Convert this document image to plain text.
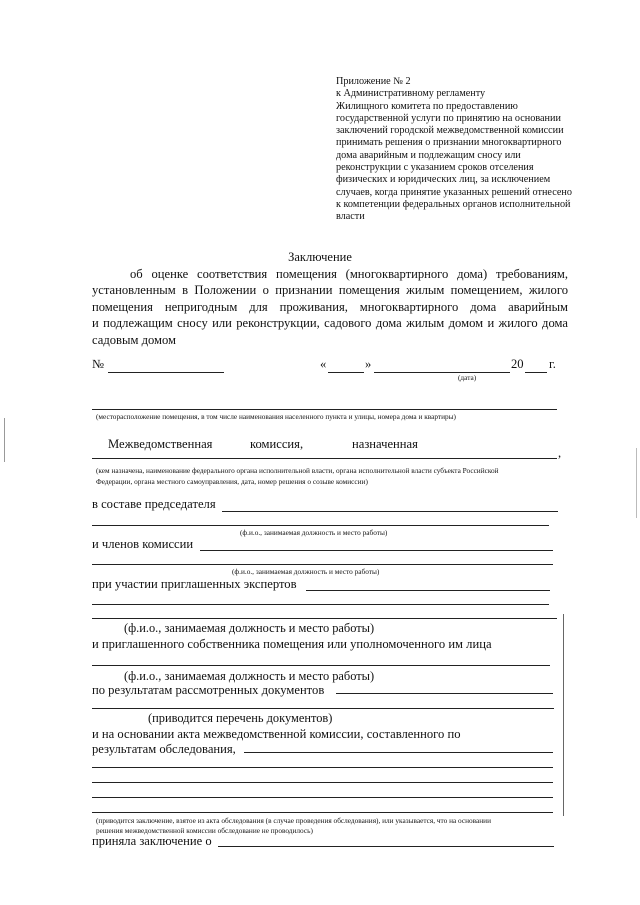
Приложение № 2
к Административному регламенту
Жилищного комитета по предоставлению
государственной услуги по принятию на основании
заключений городской межведомственной комиссии
принимать решения о признании многоквартирного
дома аварийным и подлежащим сносу или
реконструкции с указанием сроков отселения
физических и юридических лиц, за исключением
случаев, когда принятие указанных решений отнесено
к компетенции федеральных органов исполнительной
власти
Заключение
об оценке соответствия помещения (многоквартирного дома) требованиям,
установленным в Положении о признании помещения жилым помещением, жилого
помещения непригодным для проживания, многоквартирного дома аварийным
и подлежащим сносу или реконструкции, садового дома жилым домом и жилого дома
садовым домом
№	«	»	20 г.
(дата)
(месторасположение помещения, в том числе наименования населенного пункта и улицы, номера дома и квартиры)
Межведомственная	комиссия,	назначенная
,
(кем назначена, наименование федерального органа исполнительной власти, органа исполнительной власти субъекта Российской
Федерации, органа местного самоуправления, дата, номер решения о созыве комиссии)
в составе председателя
(ф.и.о., занимаемая должность и место работы)
и членов комиссии
(ф.и.о., занимаемая должность и место работы)
при участии приглашенных экспертов
(ф.и.о., занимаемая должность и место работы)
и приглашенного собственника помещения или уполномоченного им лица
(ф.и.о., занимаемая должность и место работы)
по результатам рассмотренных документов
(приводится перечень документов)
и на основании акта межведомственной комиссии, составленного по
результатам обследования,
(приводится заключение, взятое из акта обследования (в случае проведения обследования), или указывается, что на основании
решения межведомственной комиссии обследование не проводилось)
приняла заключение о
